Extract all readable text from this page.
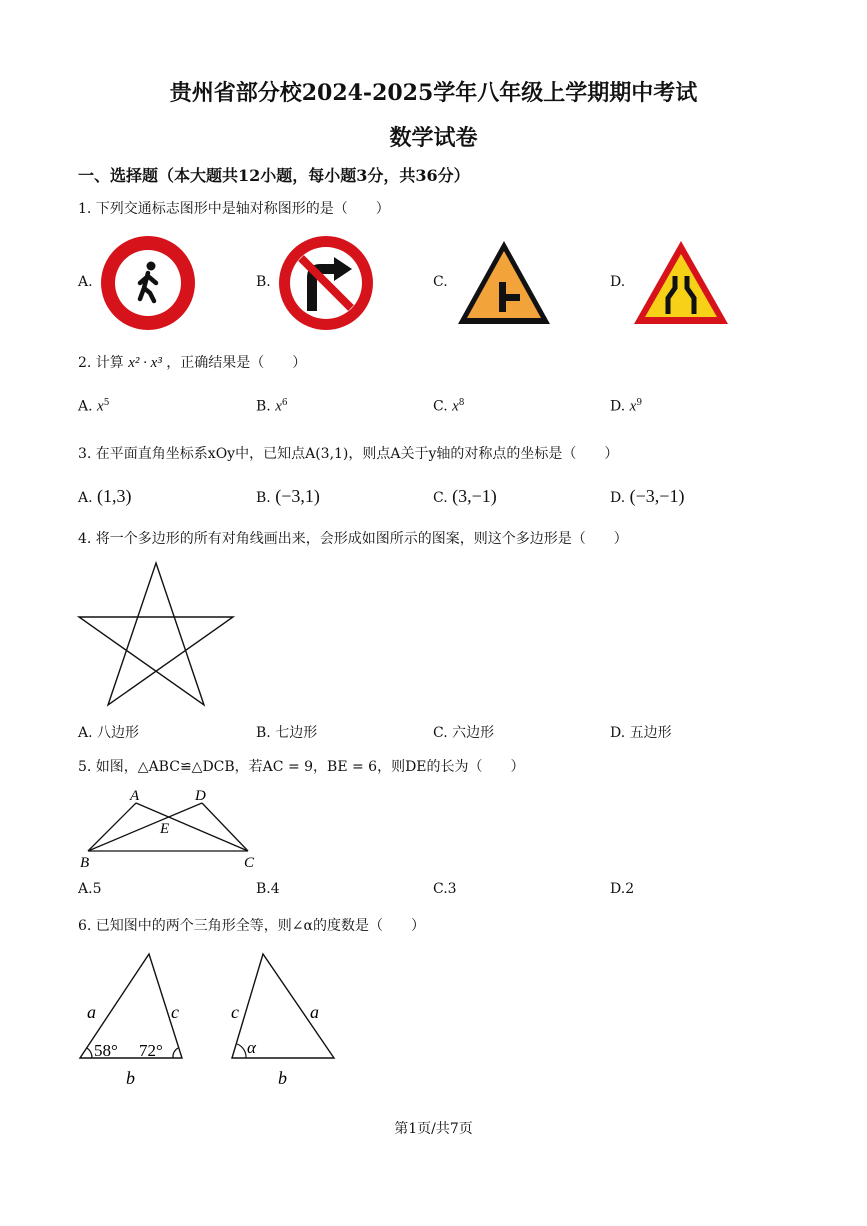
贵州省部分校2024-2025学年八年级上学期期中考试
数学试卷
一、选择题（本大题共12小题，每小题3分，共36分）
1. 下列交通标志图形中是轴对称图形的是（　　）
A.	B.	C.	D.
2. 计算 x² · x³ ，正确结果是（　　）
A. $x^5$	B. $x^6$	C. $x^8$	D. $x^9$
3. 在平面直角坐标系xOy中，已知点A(3,1)，则点A关于y轴的对称点的坐标是（　　）
A. (1,3)	B. (−3,1)	C. (3,−1)	D. (−3,−1)
4. 将一个多边形的所有对角线画出来，会形成如图所示的图案，则这个多边形是（　　）
A. 八边形	B. 七边形	C. 六边形	D. 五边形
5. 如图，△ABC≌△DCB，若AC = 9，BE = 6，则DE的长为（　　）
A	D
E
B	C
A.5	B.4	C.3	D.2
6. 已知图中的两个三角形全等，则∠α的度数是（　　）
a	c
b
58° 72°
c	a
b
α
第1页/共7页
